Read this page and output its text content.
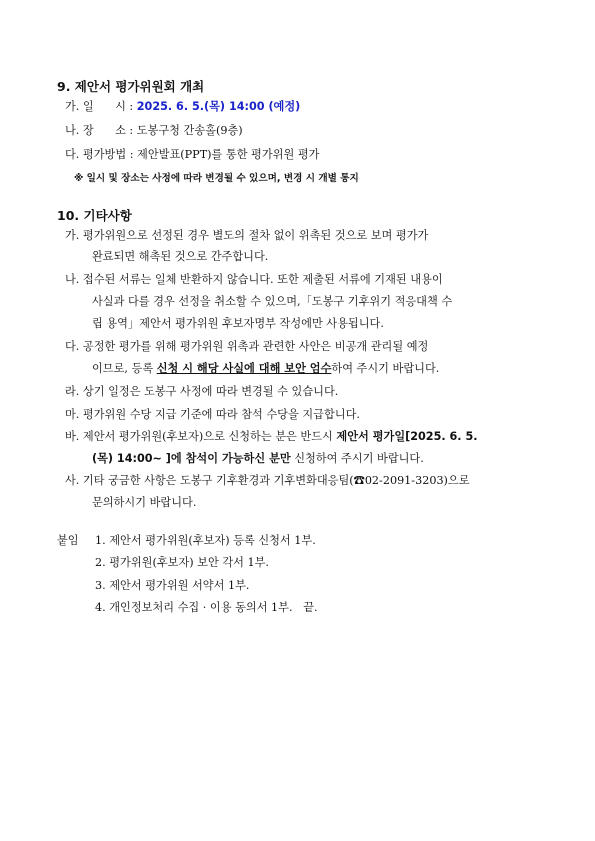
9. 제안서 평가위원회 개최
가. 일      시 : 2025. 6. 5.(목) 14:00 (예정)
나. 장      소 : 도봉구청 간송홀(9층)
다. 평가방법 : 제안발표(PPT)를 통한 평가위원 평가
※ 일시 및 장소는 사정에 따라 변경될 수 있으며, 변경 시 개별 통지
10. 기타사항
가. 평가위원으로 선정된 경우 별도의 절차 없이 위촉된 것으로 보며 평가가
완료되면 해촉된 것으로 간주합니다.
나. 접수된 서류는 일체 반환하지 않습니다. 또한 제출된 서류에 기재된 내용이
사실과 다를 경우 선정을 취소할 수 있으며,「도봉구 기후위기 적응대책 수
립 용역」제안서 평가위원 후보자명부 작성에만 사용됩니다.
다. 공정한 평가를 위해 평가위원 위촉과 관련한 사안은 비공개 관리될 예정
이므로, 등록 신청 시 해당 사실에 대해 보안 엄수하여 주시기 바랍니다.
라. 상기 일정은 도봉구 사정에 따라 변경될 수 있습니다.
마. 평가위원 수당 지급 기준에 따라 참석 수당을 지급합니다.
바. 제안서 평가위원(후보자)으로 신청하는 분은 반드시 제안서 평가일[2025. 6. 5.
(목) 14:00~ ]에 참석이 가능하신 분만 신청하여 주시기 바랍니다.
사. 기타 궁금한 사항은 도봉구 기후환경과 기후변화대응팀(☎02-2091-3203)으로
문의하시기 바랍니다.
붙임 1. 제안서 평가위원(후보자) 등록 신청서 1부.
2. 평가위원(후보자) 보안 각서 1부.
3. 제안서 평가위원 서약서 1부.
4. 개인정보처리 수집 · 이용 동의서 1부.   끝.
